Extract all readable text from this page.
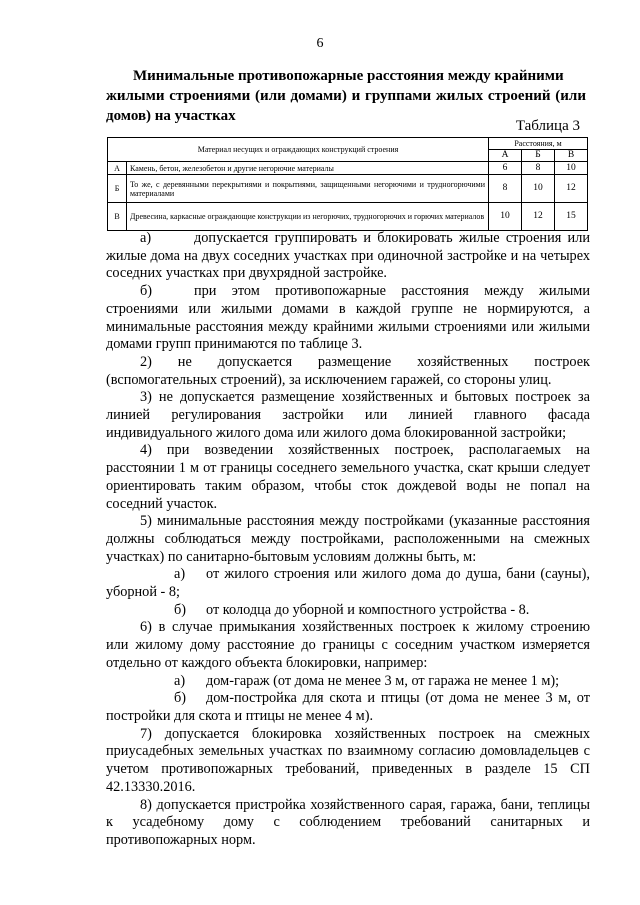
6
Минимальные противопожарные расстояния между крайними
жилыми строениями (или домами) и группами жилых строений (или домов) на участках
Таблица 3
Материал несущих и ограждающих конструкций строения		Расстояния, м		
		А	Б	В
А	Камень, бетон, железобетон и другие негорючие материалы	6	8	10
Б	То же, с деревянными перекрытиями и покрытиями, защищенными негорючими и трудногорючими материалами	8	10	12
В	Древесина, каркасные ограждающие конструкции из негорючих, трудногорючих и горючих материалов	10	12	15

а)	допускается группировать и блокировать жилые строения или жилые дома на двух соседних участках при одиночной застройке и на четырех соседних участках при двухрядной застройке.

б)	при этом противопожарные расстояния между жилыми строениями или жилыми домами в каждой группе не нормируются, а минимальные расстояния между крайними жилыми строениями или жилыми домами групп принимаются по таблице 3.

2) не допускается размещение хозяйственных построек (вспомогательных строений), за исключением гаражей, со стороны улиц.

3) не допускается размещение хозяйственных и бытовых построек за линией регулирования застройки или линией главного фасада индивидуального жилого дома или жилого дома блокированной застройки;

4) при возведении хозяйственных построек, располагаемых на расстоянии 1 м от границы соседнего земельного участка, скат крыши следует ориентировать таким образом, чтобы сток дождевой воды не попал на соседний участок.

5) минимальные расстояния между постройками (указанные расстояния должны соблюдаться между постройками, расположенными на смежных участках) по санитарно-бытовым условиям должны быть, м:

а) от жилого строения или жилого дома до душа, бани (сауны), уборной - 8;

б) от колодца до уборной и компостного устройства - 8.

6) в случае примыкания хозяйственных построек к жилому строению или жилому дому расстояние до границы с соседним участком измеряется отдельно от каждого объекта блокировки, например:

а) дом-гараж (от дома не менее 3 м, от гаража не менее 1 м);

б) дом-постройка для скота и птицы (от дома не менее 3 м, от постройки для скота и птицы не менее 4 м).

7) допускается блокировка хозяйственных построек на смежных приусадебных земельных участках по взаимному согласию домовладельцев с учетом противопожарных требований, приведенных в разделе 15 СП 42.13330.2016.

8) допускается пристройка хозяйственного сарая, гаража, бани, теплицы к усадебному дому с соблюдением требований санитарных и противопожарных норм.
